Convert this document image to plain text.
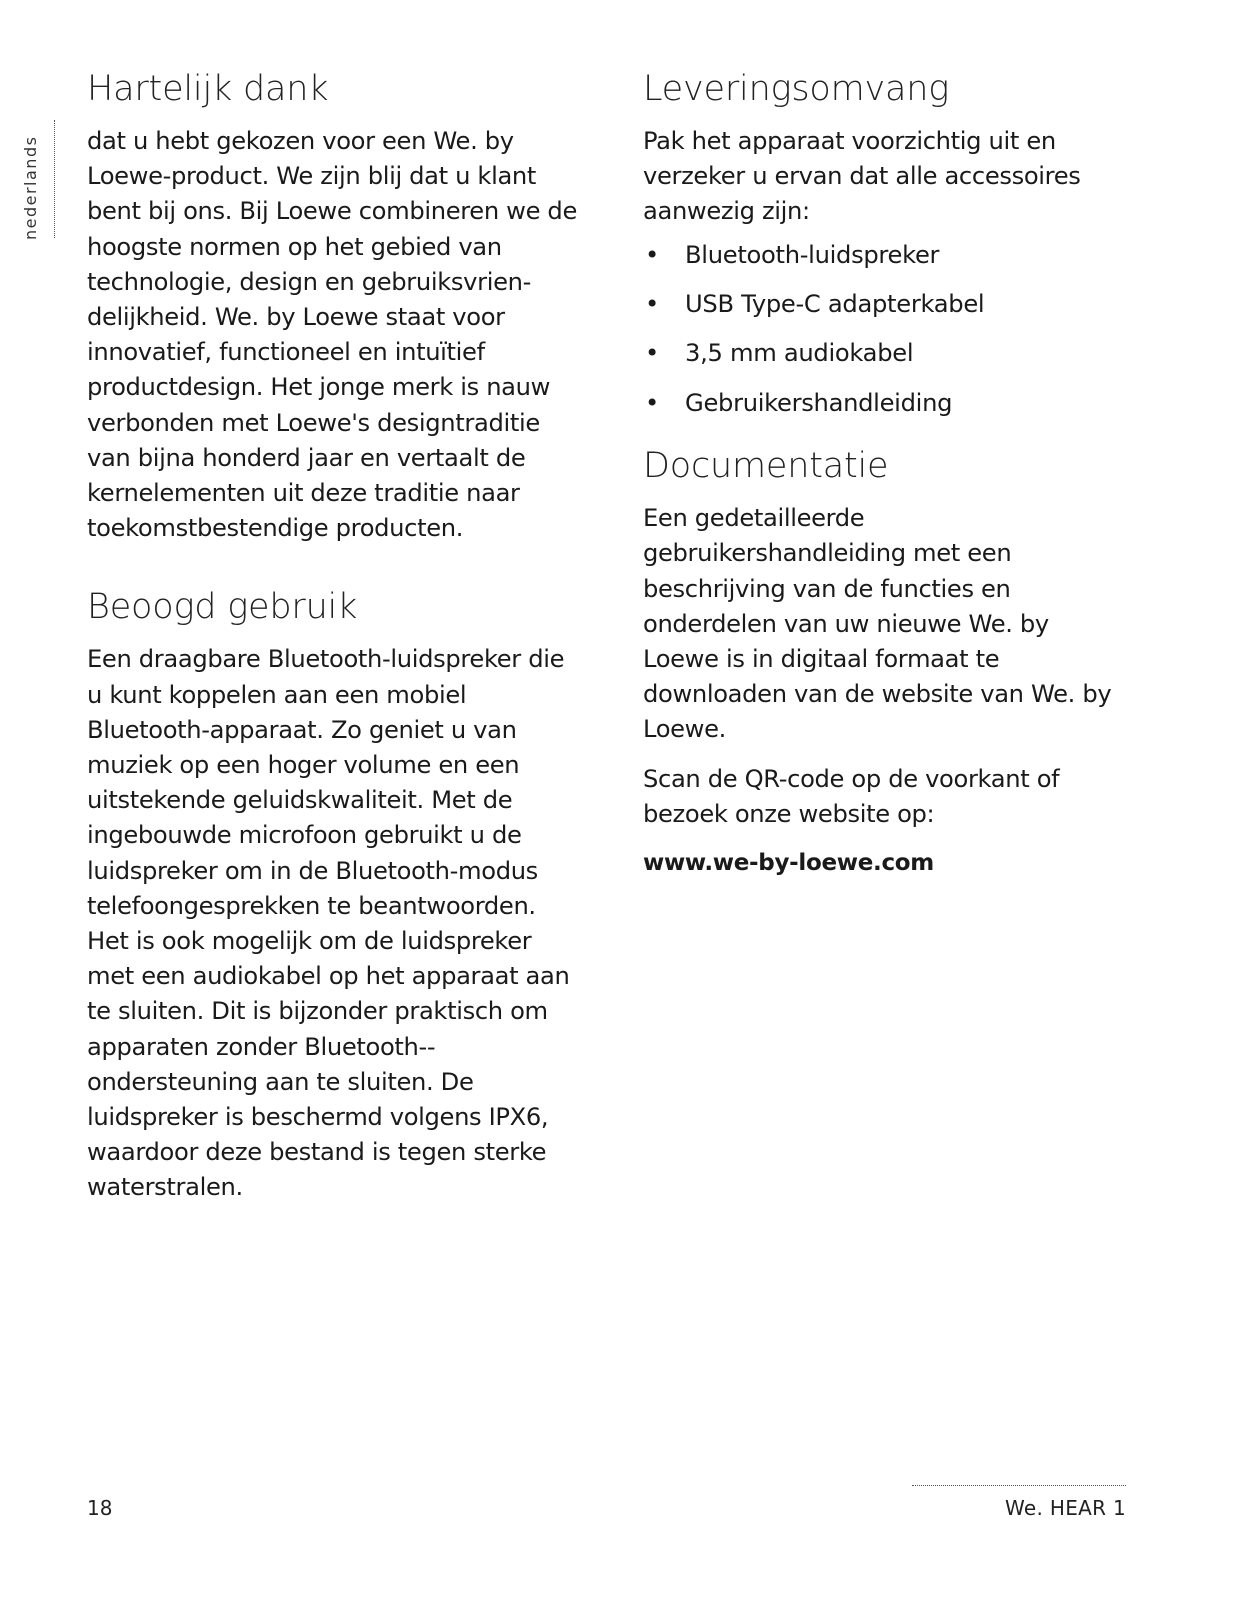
nederlands
Hartelijk dank

dat u hebt gekozen voor een We. by Loewe-product. We zijn blij dat u klant bent bij ons. Bij Loewe combineren we de hoogste normen op het gebied van technologie, design en gebruiksvrien-delijkheid. We. by Loewe staat voor innovatief, functioneel en intuïtief productdesign. Het jonge merk is nauw verbonden met Loewe's designtraditie van bijna honderd jaar en vertaalt de kernelementen uit deze traditie naar toekomstbestendige producten.

Beoogd gebruik

Een draagbare Bluetooth-luidspreker die u kunt koppelen aan een mobiel Bluetooth-apparaat. Zo geniet u van muziek op een hoger volume en een uitstekende geluidskwaliteit. Met de ingebouwde microfoon gebruikt u de luidspreker om in de Bluetooth-modus telefoongesprekken te beantwoorden. Het is ook mogelijk om de luidspreker met een audiokabel op het apparaat aan te sluiten. Dit is bijzonder praktisch om apparaten zonder Bluetooth--ondersteuning aan te sluiten. De luidspreker is beschermd volgens IPX6, waardoor deze bestand is tegen sterke waterstralen.

Leveringsomvang

Pak het apparaat voorzichtig uit en verzeker u ervan dat alle accessoires aanwezig zijn:

• Bluetooth-luidspreker
• USB Type-C adapterkabel
• 3,5 mm audiokabel
• Gebruikershandleiding
Documentatie

Een gedetailleerde gebruikershandleiding met een beschrijving van de functies en onderdelen van uw nieuwe We. by Loewe is in digitaal formaat te downloaden van de website van We. by Loewe.

Scan de QR-code op de voorkant of bezoek onze website op:

www.we-by-loewe.com
18	We. HEAR 1
